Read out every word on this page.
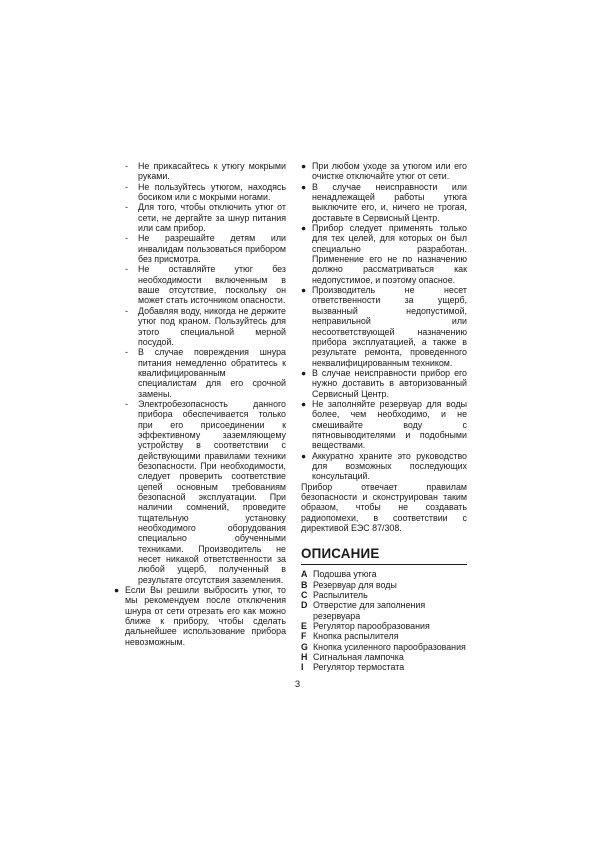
- Не прикасайтесь к утюгу мокрыми руками.
- Не пользуйтесь утюгом, находясь босиком или с мокрыми ногами.
- Для того, чтобы отключить утюг от сети, не дергайте за шнур питания или сам прибор.
- Не разрешайте детям или инвалидам пользоваться прибором без присмотра.
- Не оставляйте утюг без необходимости включенным в ваше отсутствие, поскольку он может стать источником опасности.
- Добавляя воду, никогда не держите утюг под краном. Пользуйтесь для этого специальной мерной посудой.
- В случае повреждения шнура питания немедленно обратитесь к квалифицированным специалистам для его срочной замены.
- Электробезопасность данного прибора обеспечивается только при его присоединении к эффективному заземляющему устройству в соответствии с действующими правилами техники безопасности. При необходимости, следует проверить соответствие цепей основным требованиям безопасной эксплуатации. При наличии сомнений, проведите тщательную установку необходимого оборудования специально обученными техниками. Производитель не несет никакой ответственности за любой ущерб, полученный в результате отсутствия заземления.
● Если Вы решили выбросить утюг, то мы рекомендуем после отключения шнура от сети отрезать его как можно ближе к прибору, чтобы сделать дальнейшее использование прибора невозможным.
● При любом уходе за утюгом или его очистке отключайте утюг от сети.
● В случае неисправности или ненадлежащей работы утюга выключите его, и, ничего не трогая, доставьте в Сервисный Центр.
● Прибор следует применять только для тех целей, для которых он был специально разработан. Применение его не по назначению должно рассматриваться как недопустимое, и поэтому опасное.
● Производитель не несет ответственности за ущерб, вызванный недопустимой, неправильной или несоответствующей назначению прибора эксплуатацией, а также в результате ремонта, проведенного неквалифицированным техником.
● В случае неисправности прибор его нужно доставить в авторизованный Сервисный Центр.
● Не заполняйте резервуар для воды более, чем необходимо, и не смешивайте воду с пятновыводителями и подобными веществами.
● Аккуратно храните это руководство для возможных последующих консультаций.

Прибор отвечает правилам безопасности и сконструирован таким образом, чтобы не создавать радиопомехи, в соответствии с директивой ЕЭС 87/308.

ОПИСАНИЕ
A Подошва утюга
B Резервуар для воды
C Распылитель
D Отверстие для заполнения резервуара
E Регулятор парообразования
F Кнопка распылителя
G Кнопка усиленного парообразования
H Сигнальная лампочка
I Регулятор термостата
3
